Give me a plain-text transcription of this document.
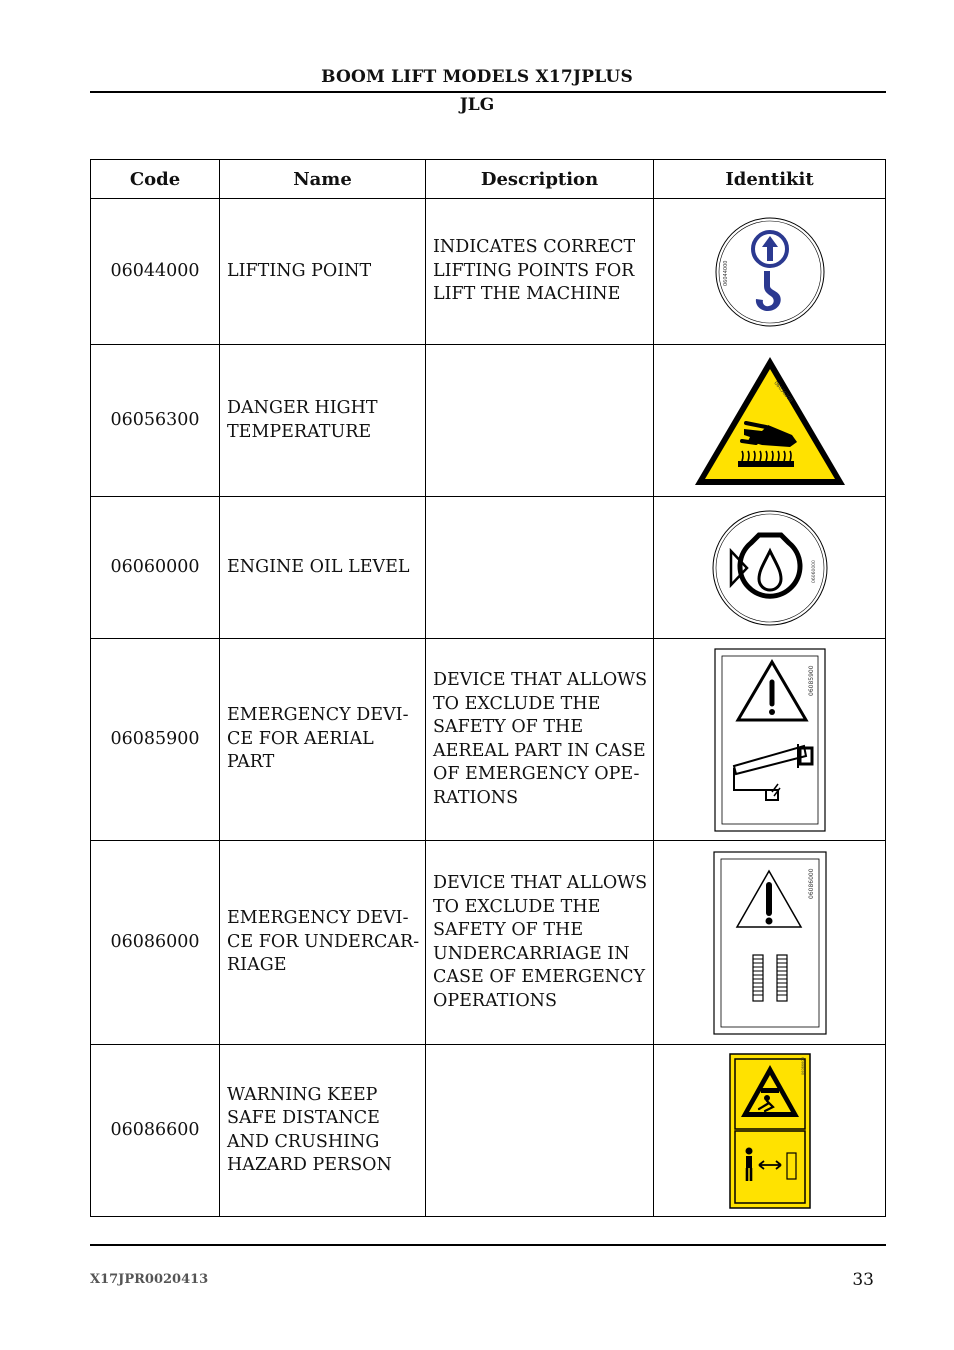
BOOM LIFT MODELS X17JPLUS
JLG
Code	Name	Description	Identikit
06044000	LIFTING POINT	INDICATES CORRECT LIFTING POINTS FOR LIFT THE MACHINE	06044000

06056300	DANGER HIGHT TEMPERATURE		06056300

06060000	ENGINE OIL LEVEL		06060000

06085900	EMERGENCY DEVI-CE FOR AERIAL PART	DEVICE THAT ALLOWS TO EXCLUDE THE SAFETY OF THE AEREAL PART IN CASE OF EMERGENCY OPE-RATIONS	06085900

06086000	EMERGENCY DEVI-CE FOR UNDERCAR-RIAGE	DEVICE THAT ALLOWS TO EXCLUDE THE SAFETY OF THE UNDERCARRIAGE IN CASE OF EMERGENCY OPERATIONS	06086000

06086600	WARNING KEEP SAFE DISTANCE AND CRUSHING HAZARD PERSON		06086600
X17JPR0020413	33
